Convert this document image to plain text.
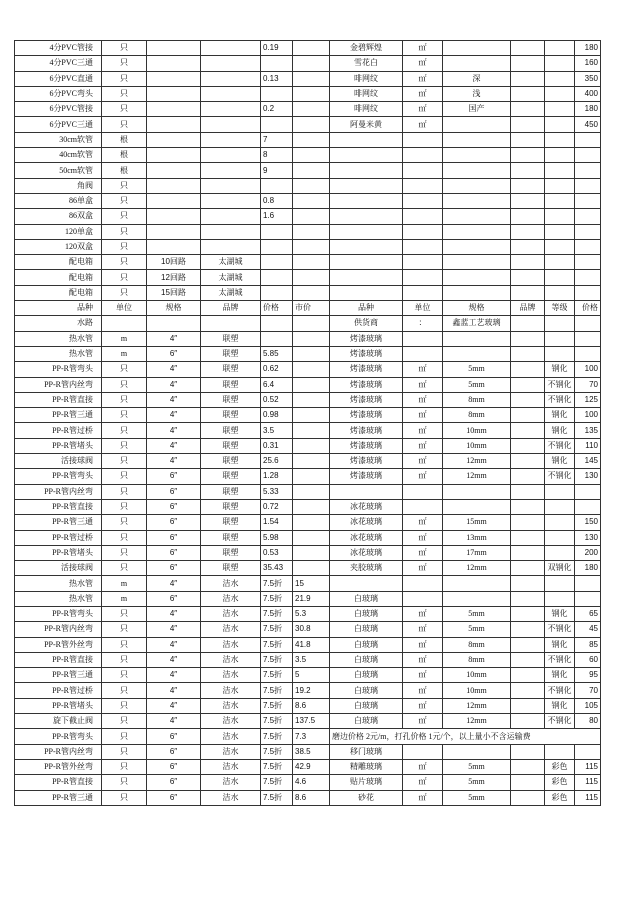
4分PVC管接	只			0.19		金碧辉煌	㎡				180
4分PVC三通	只					雪花白	㎡				160
6分PVC直通	只			0.13		啡网纹	㎡	深			350
6分PVC弯头	只					啡网纹	㎡	浅			400
6分PVC管接	只			0.2		啡网纹	㎡	国产			180
6分PVC三通	只					阿曼米黄	㎡				450
30cm软管	根			7							
40cm软管	根			8							
50cm软管	根			9							
角阀	只										
86单盒	只			0.8							
86双盒	只			1.6							
120单盒	只										
120双盒	只										
配电箱	只	10回路	太湖城								
配电箱	只	12回路	太湖城								
配电箱	只	15回路	太湖城								
品种	单位	规格	品牌	价格	市价	品种	单位	规格	品牌	等级	价格
水路						供货商	：	鑫蓝工艺玻璃			
热水管	m	4″	联塑			烤漆玻璃					
热水管	m	6″	联塑	5.85		烤漆玻璃					
PP-R管弯头	只	4″	联塑	0.62		烤漆玻璃	㎡	5mm		钢化	100
PP-R管内丝弯	只	4″	联塑	6.4		烤漆玻璃	㎡	5mm		不钢化	70
PP-R管直接	只	4″	联塑	0.52		烤漆玻璃	㎡	8mm		不钢化	125
PP-R管三通	只	4″	联塑	0.98		烤漆玻璃	㎡	8mm		钢化	100
PP-R管过桥	只	4″	联塑	3.5		烤漆玻璃	㎡	10mm		钢化	135
PP-R管堵头	只	4″	联塑	0.31		烤漆玻璃	㎡	10mm		不钢化	110
活接球阀	只	4″	联塑	25.6		烤漆玻璃	㎡	12mm		钢化	145
PP-R管弯头	只	6″	联塑	1.28		烤漆玻璃	㎡	12mm		不钢化	130
PP-R管内丝弯	只	6″	联塑	5.33							
PP-R管直接	只	6″	联塑	0.72		冰花玻璃					
PP-R管三通	只	6″	联塑	1.54		冰花玻璃	㎡	15mm			150
PP-R管过桥	只	6″	联塑	5.98		冰花玻璃	㎡	13mm			130
PP-R管堵头	只	6″	联塑	0.53		冰花玻璃	㎡	17mm			200
活接球阀	只	6″	联塑	35.43		夹胶玻璃	㎡	12mm		双钢化	180
热水管	m	4″	洁水	7.5折	15						
热水管	m	6″	洁水	7.5折	21.9	白玻璃					
PP-R管弯头	只	4″	洁水	7.5折	5.3	白玻璃	㎡	5mm		钢化	65
PP-R管内丝弯	只	4″	洁水	7.5折	30.8	白玻璃	㎡	5mm		不钢化	45
PP-R管外丝弯	只	4″	洁水	7.5折	41.8	白玻璃	㎡	8mm		钢化	85
PP-R管直接	只	4″	洁水	7.5折	3.5	白玻璃	㎡	8mm		不钢化	60
PP-R管三通	只	4″	洁水	7.5折	5	白玻璃	㎡	10mm		钢化	95
PP-R管过桥	只	4″	洁水	7.5折	19.2	白玻璃	㎡	10mm		不钢化	70
PP-R管堵头	只	4″	洁水	7.5折	8.6	白玻璃	㎡	12mm		钢化	105
旋下截止阀	只	4″	洁水	7.5折	137.5	白玻璃	㎡	12mm		不钢化	80
PP-R管弯头	只	6″	洁水	7.5折	7.3	磨边价格 2元/m，打孔价格 1元/个，以上量小不含运输费					
PP-R管内丝弯	只	6″	洁水	7.5折	38.5	移门玻璃					
PP-R管外丝弯	只	6″	洁水	7.5折	42.9	精雕玻璃	㎡	5mm		彩色	115
PP-R管直接	只	6″	洁水	7.5折	4.6	贴片玻璃	㎡	5mm		彩色	115
PP-R管三通	只	6″	洁水	7.5折	8.6	砂花	㎡	5mm		彩色	115
